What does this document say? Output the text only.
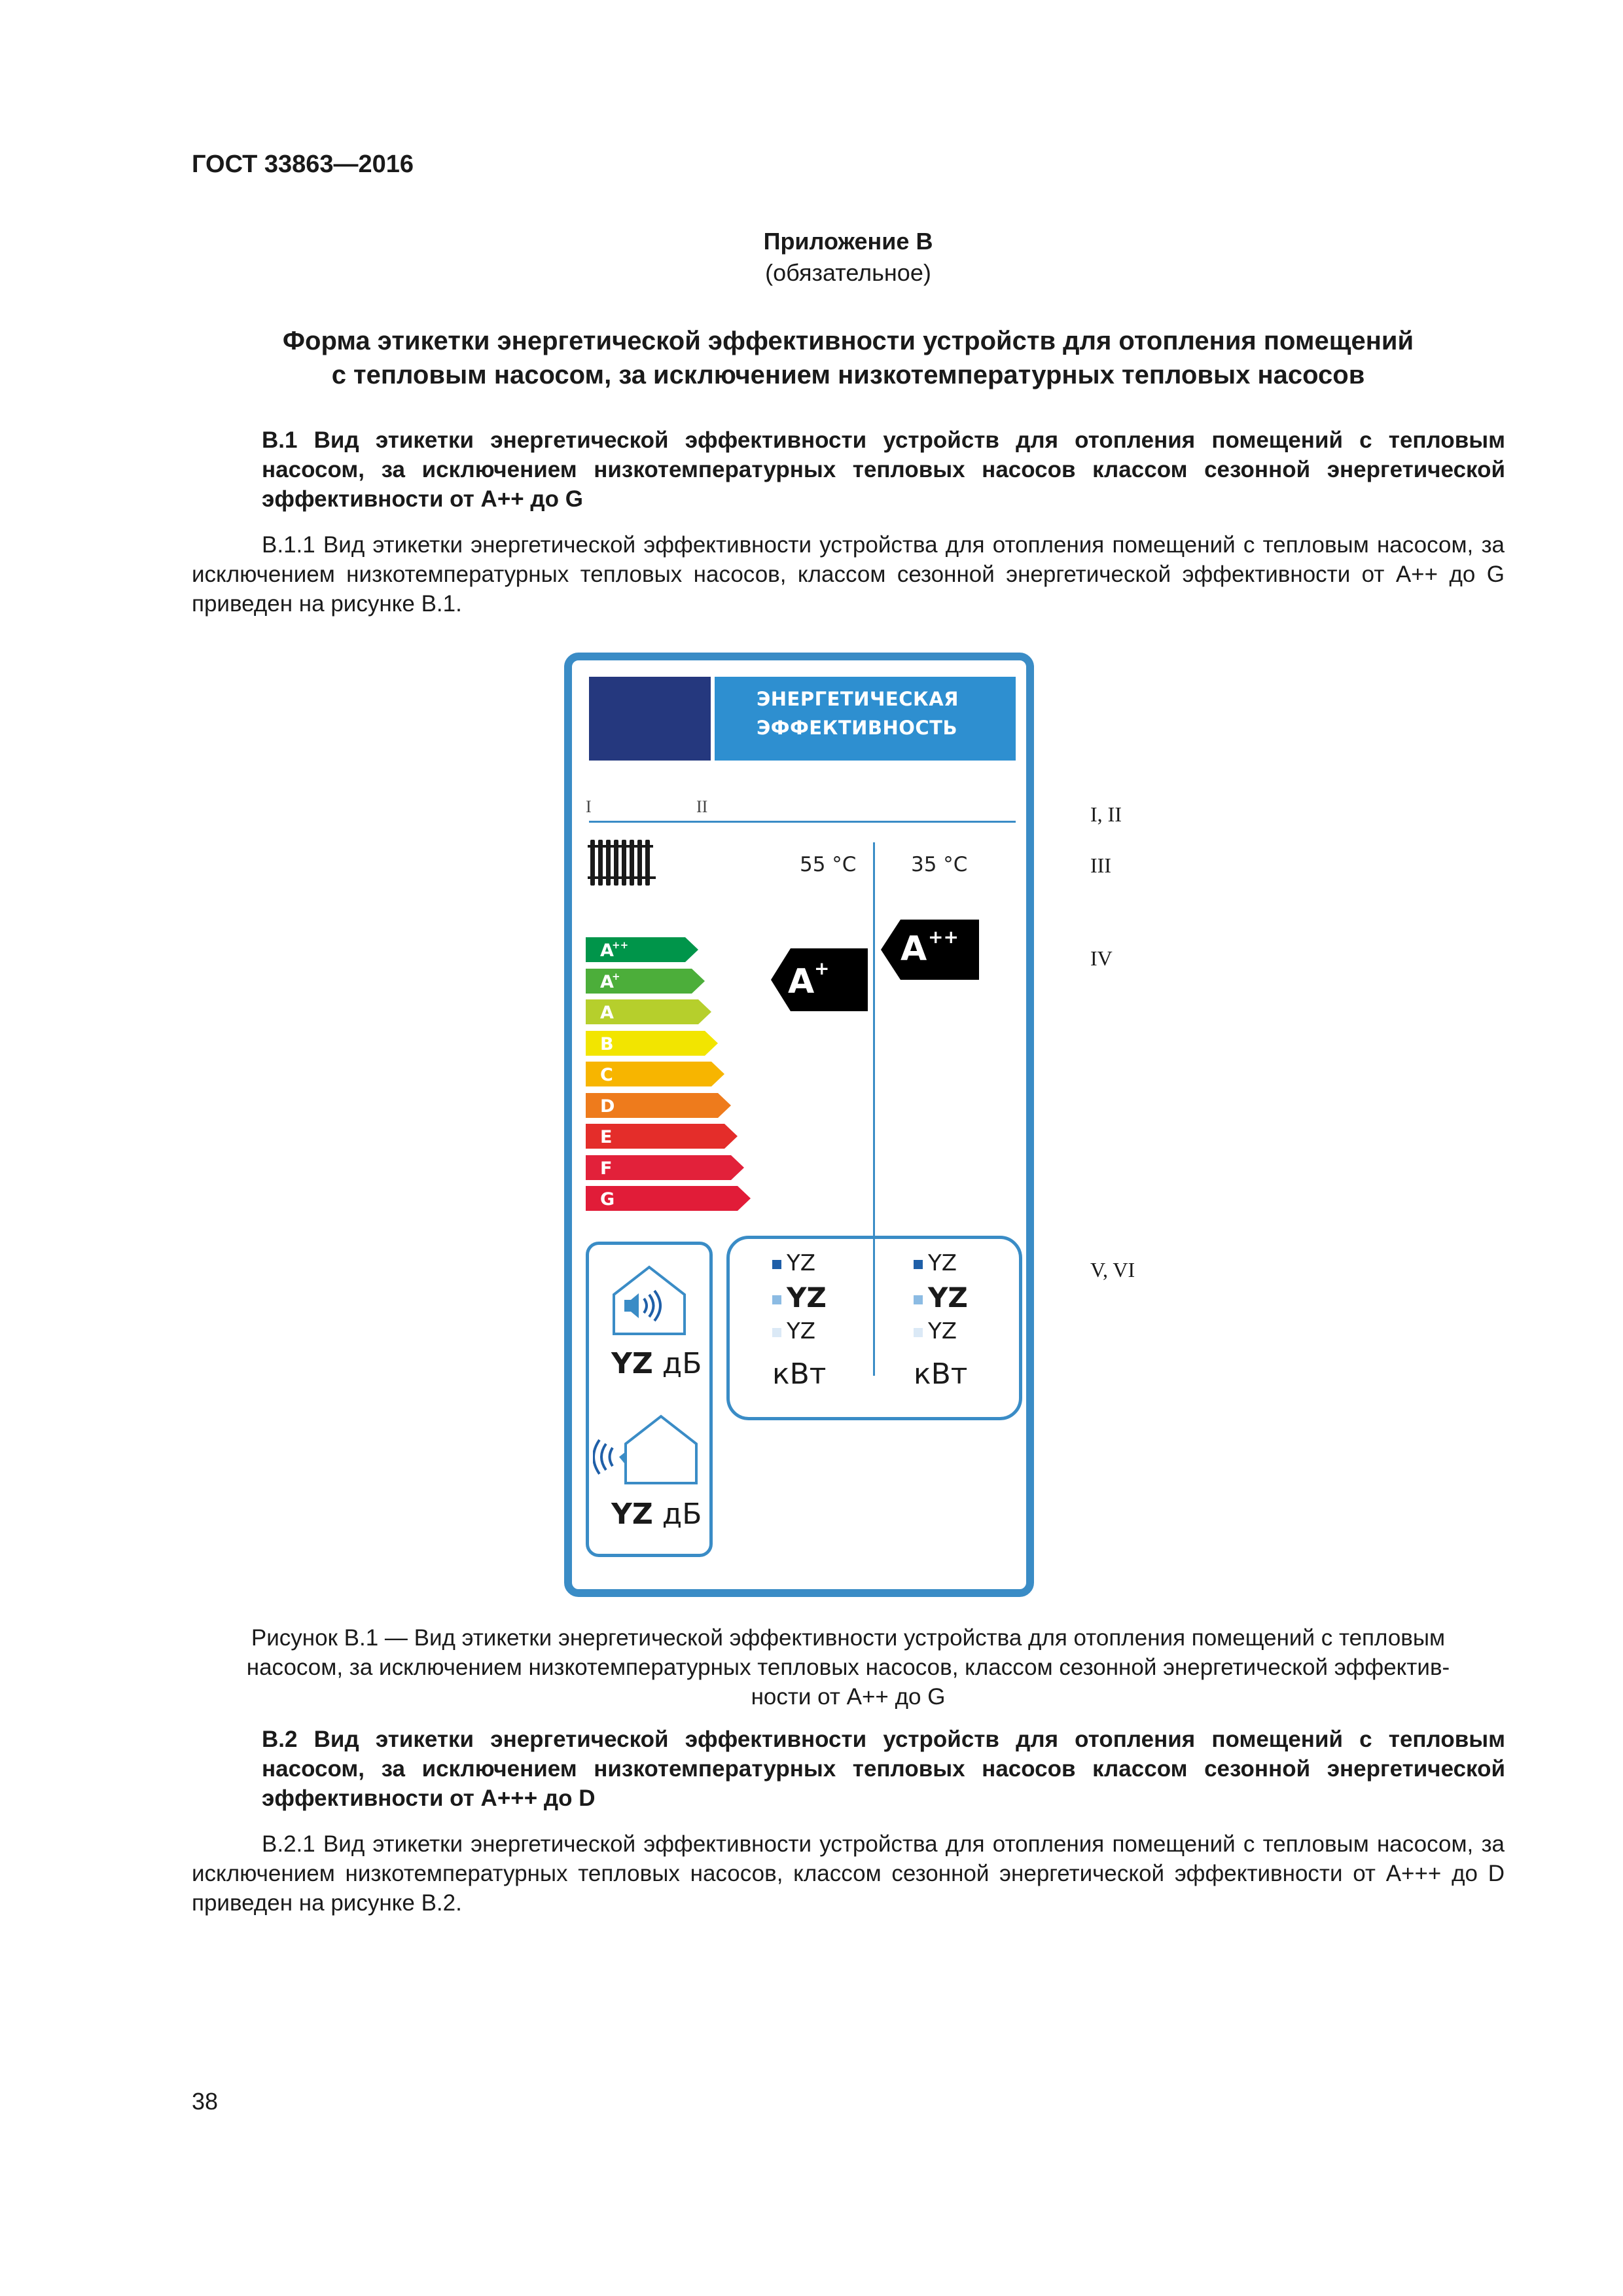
ГОСТ 33863—2016
Приложение В
(обязательное)
Форма этикетки энергетической эффективности устройств для отопления помещений
с тепловым насосом, за исключением низкотемпературных тепловых насосов
В.1 Вид этикетки энергетической эффективности устройств для отопления помещений с тепловым насосом, за исключением низкотемпературных тепловых насосов классом сезонной энергетической эффективности от А++ до G
В.1.1 Вид этикетки энергетической эффективности устройства для отопления помещений с тепловым насосом, за исключением низкотемпературных тепловых насосов, классом сезонной энергетической эффективности от А++ до G приведен на рисунке В.1.
ЭНЕРГЕТИЧЕСКАЯ
ЭФФЕКТИВНОСТЬ
I	II
55 °C	35 °C
A
++
A
+
A
B
C
D
E
F
G
A + A ++
YZ дБ
YZ дБ
YZ
YZ
YZ
кВт
YZ
YZ
YZ
кВт
I, II
III
IV
V, VI
Рисунок В.1 — Вид этикетки энергетической эффективности устройства для отопления помещений с тепловым
насосом, за исключением низкотемпературных тепловых насосов, классом сезонной энергетической эффектив-
ности от А++ до G
В.2 Вид этикетки энергетической эффективности устройств для отопления помещений с тепловым насосом, за исключением низкотемпературных тепловых насосов классом сезонной энергетической эффективности от А+++ до D
В.2.1 Вид этикетки энергетической эффективности устройства для отопления помещений с тепловым насосом, за исключением низкотемпературных тепловых насосов, классом сезонной энергетической эффективности от А+++ до D приведен на рисунке В.2.
38
